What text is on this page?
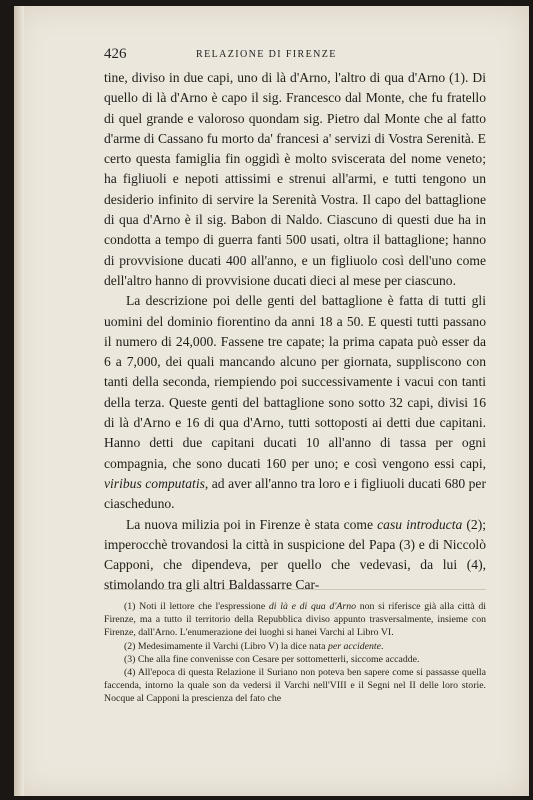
426	RELAZIONE DI FIRENZE

tine, diviso in due capi, uno di là d'Arno, l'altro di qua d'Arno (1). Di quello di là d'Arno è capo il sig. Francesco dal Monte, che fu fratello di quel grande e valoroso quondam sig. Pietro dal Monte che al fatto d'arme di Cassano fu morto da' francesi a' servizi di Vostra Serenità. E certo questa famiglia fin oggidì è molto sviscerata del nome veneto; ha figliuoli e nepoti attissimi e strenui all'armi, e tutti tengono un desiderio infinito di servire la Serenità Vostra. Il capo del battaglione di qua d'Arno è il sig. Babon di Naldo. Ciascuno di questi due ha in condotta a tempo di guerra fanti 500 usati, oltra il battaglione; hanno di provvisione ducati 400 all'anno, e un figliuolo così dell'uno come dell'altro hanno di provvisione ducati dieci al mese per ciascuno.

La descrizione poi delle genti del battaglione è fatta di tutti gli uomini del dominio fiorentino da anni 18 a 50. E questi tutti passano il numero di 24,000. Fassene tre capate; la prima capata può esser da 6 a 7,000, dei quali mancando alcuno per giornata, suppliscono con tanti della seconda, riempiendo poi successivamente i vacui con tanti della terza. Queste genti del battaglione sono sotto 32 capi, divisi 16 di là d'Arno e 16 di qua d'Arno, tutti sottoposti ai detti due capitani. Hanno detti due capitani ducati 10 all'anno di tassa per ogni compagnia, che sono ducati 160 per uno; e così vengono essi capi, viribus computatis, ad aver all'anno tra loro e i figliuoli ducati 680 per ciascheduno.

La nuova milizia poi in Firenze è stata come casu introducta (2); imperocchè trovandosi la città in suspicione del Papa (3) e di Niccolò Capponi, che dipendeva, per quello che vedevasi, da lui (4), stimolando tra gli altri Baldassarre Car-

(1) Noti il lettore che l'espressione di là e di qua d'Arno non si riferisce già alla città di Firenze, ma a tutto il territorio della Repubblica diviso appunto trasversalmente, insieme con Firenze, dall'Arno. L'enumerazione dei luoghi si hanei Varchi al Libro VI.

(2) Medesimamente il Varchi (Libro V) la dice nata per accidente.

(3) Che alla fine convenisse con Cesare per sottometterli, siccome accadde.

(4) All'epoca di questa Relazione il Suriano non poteva ben sapere come si passasse quella faccenda, intorno la quale son da vedersi il Varchi nell'VIII e il Segni nel II delle loro storie. Nocque al Capponi la prescienza del fato che
